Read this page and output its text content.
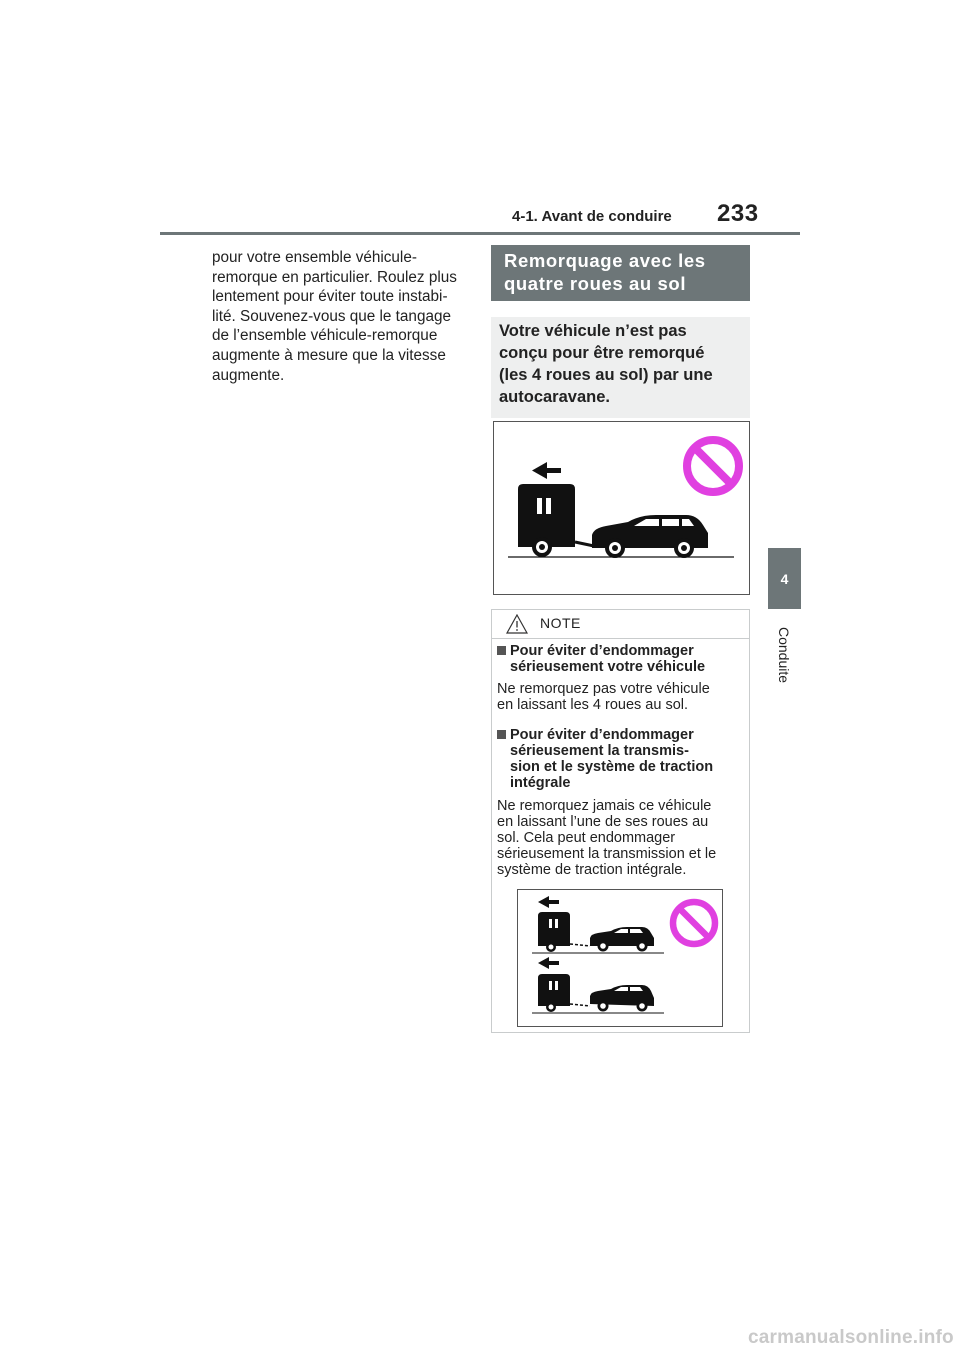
4-1. Avant de conduire 233
4
Conduite
pour votre ensemble véhicule-
remorque en particulier. Roulez plus
lentement pour éviter toute instabi-
lité. Souvenez-vous que le tangage
de l’ensemble véhicule-remorque
augmente à mesure que la vitesse
augmente.
Remorquage avec les
quatre roues au sol
Votre véhicule n’est pas
conçu pour être remorqué
(les 4 roues au sol) par une
autocaravane.
NOTE
Pour éviter d’endommager
sérieusement votre véhicule
Ne remorquez pas votre véhicule
en laissant les 4 roues au sol.
Pour éviter d’endommager
sérieusement la transmis-
sion et le système de traction
intégrale
Ne remorquez jamais ce véhicule
en laissant l’une de ses roues au
sol. Cela peut endommager
sérieusement la transmission et le
système de traction intégrale.
carmanualsonline.info
